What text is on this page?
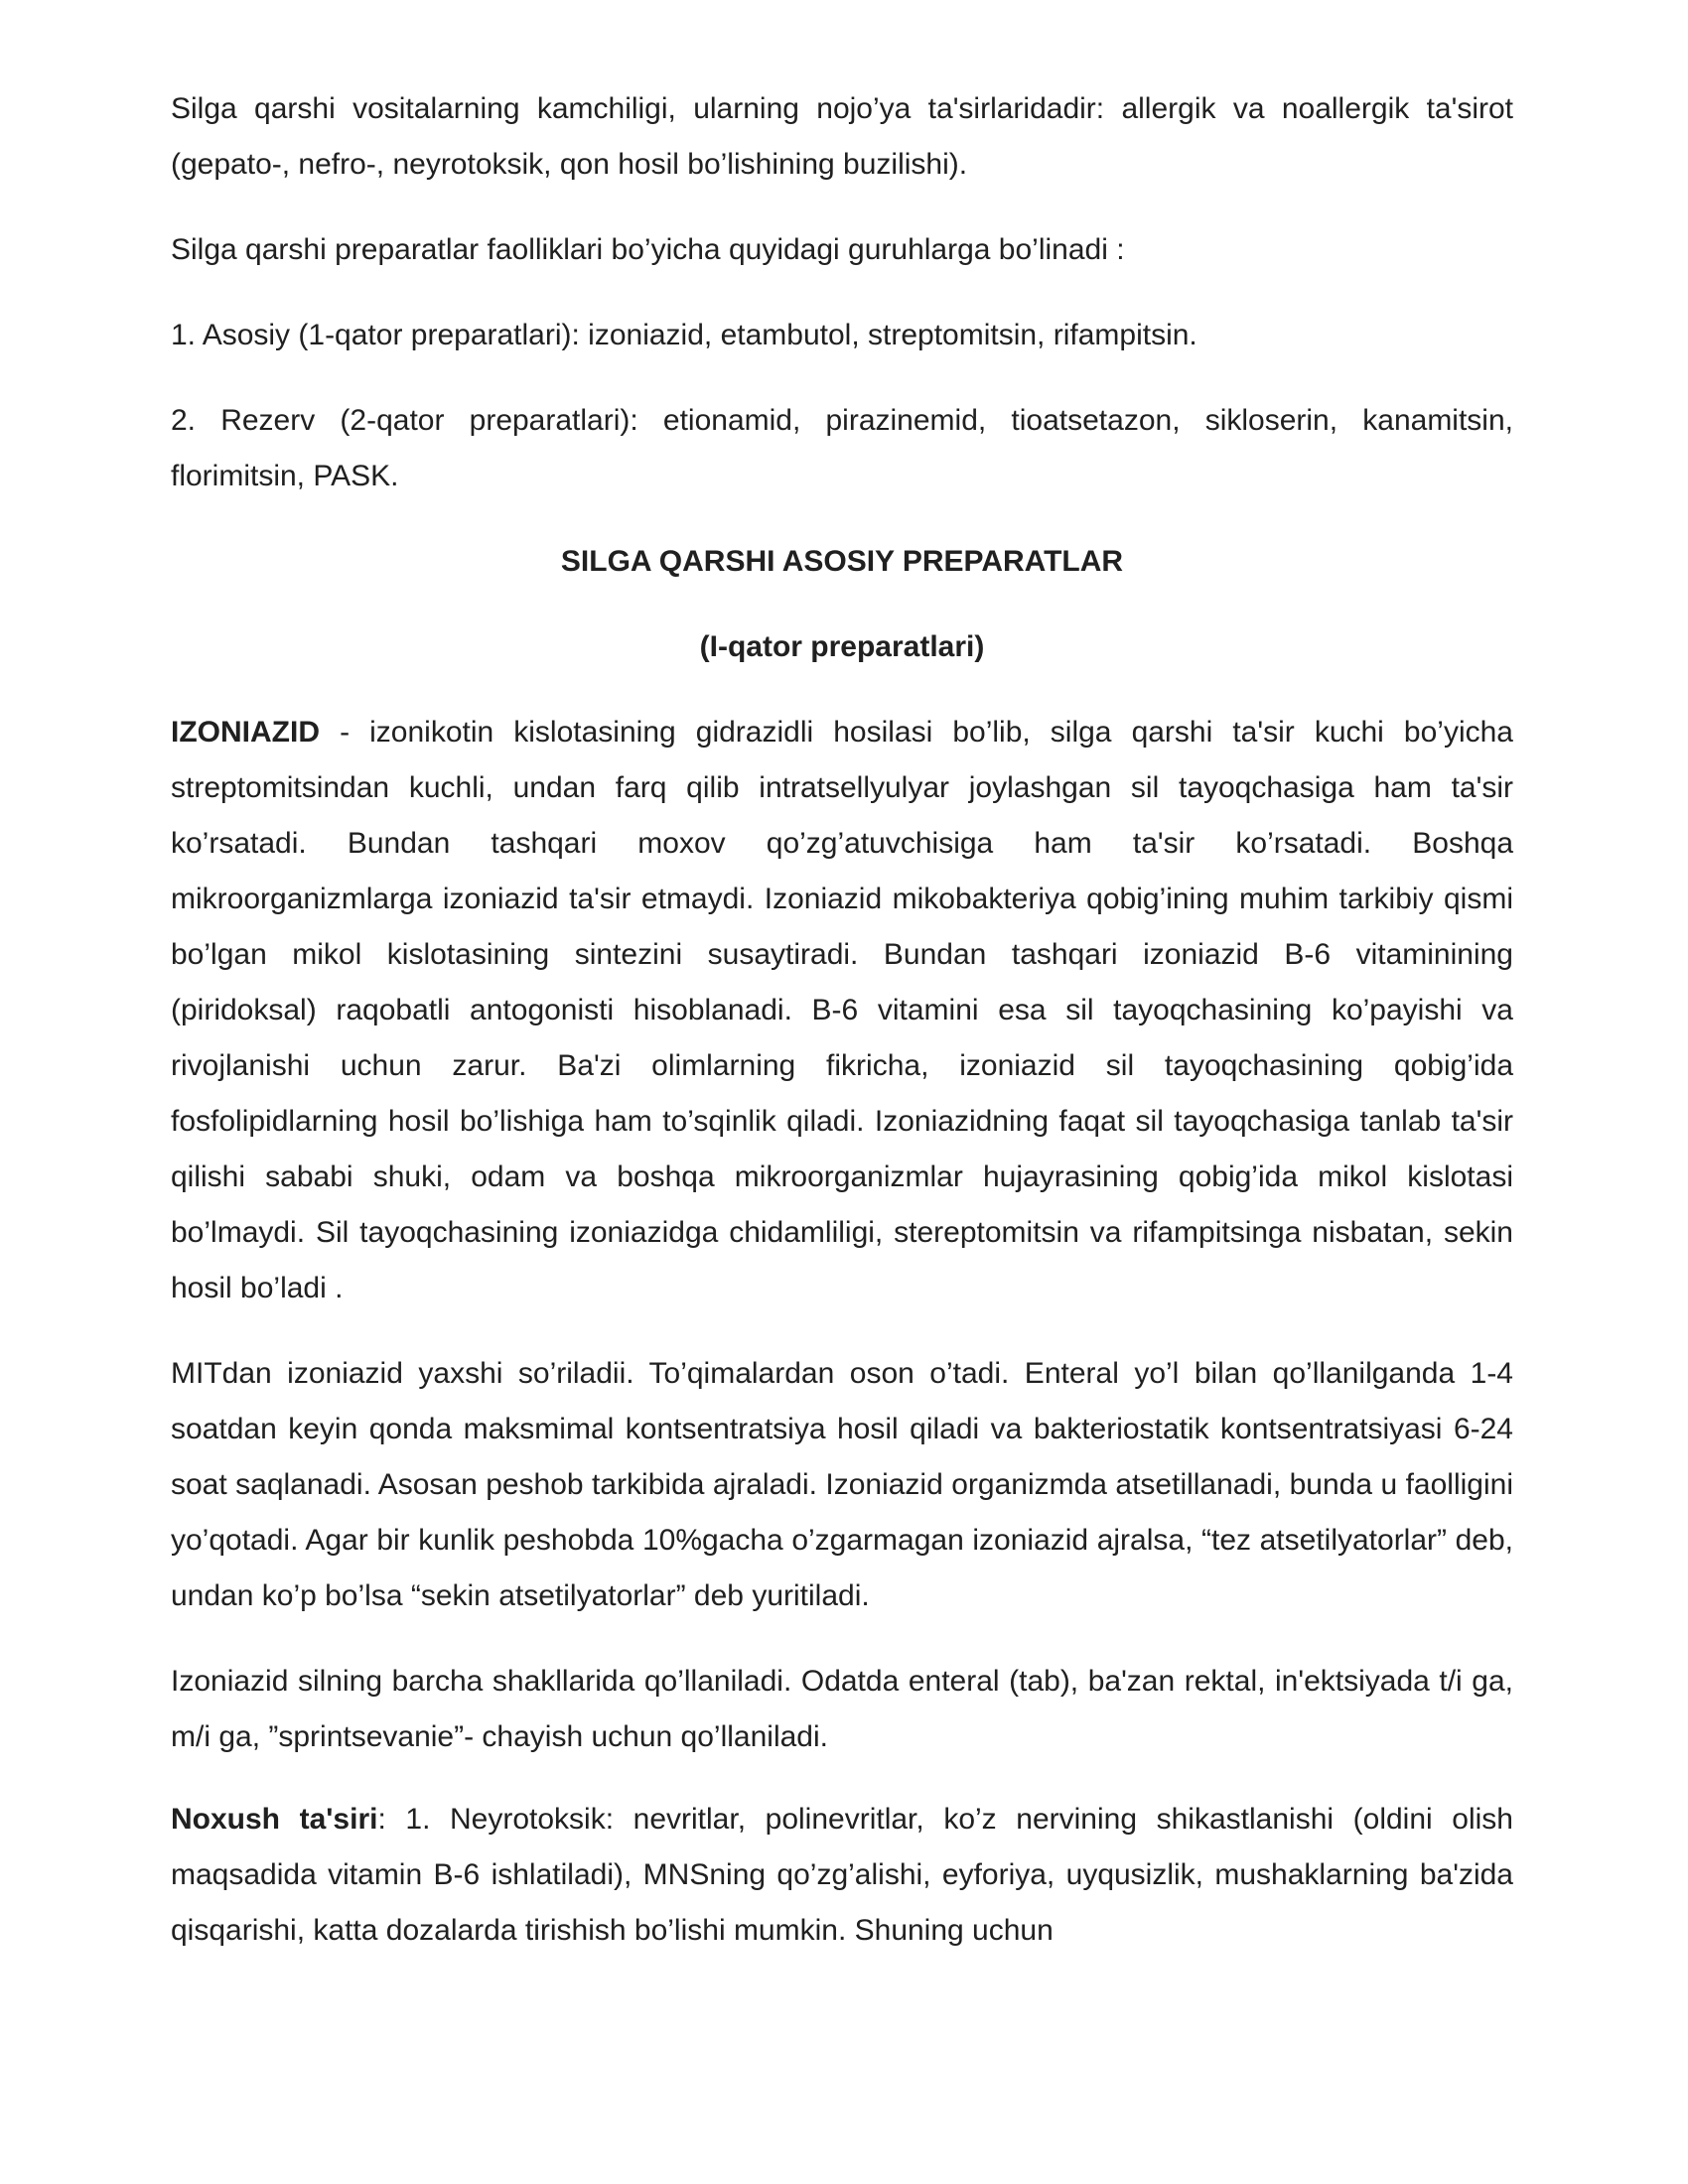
Silga qarshi vositalarning kamchiligi, ularning nojo’ya ta'sirlaridadir: allergik va noallergik ta'sirot (gepato-, nefro-, neyrotoksik, qon hosil bo’lishining buzilishi).

Silga qarshi preparatlar faolliklari bo’yicha quyidagi guruhlarga bo’linadi :

1. Asosiy (1-qator preparatlari): izoniazid, etambutol, streptomitsin, rifampitsin.

2. Rezerv (2-qator preparatlari): etionamid, pirazinemid, tioatsetazon, sikloserin, kanamitsin, florimitsin, PASK.

SILGA QARSHI ASOSIY PREPARATLAR
(I-qator preparatlari)

IZONIAZID - izonikotin kislotasining gidrazidli hosilasi bo’lib, silga qarshi ta'sir kuchi bo’yicha streptomitsindan kuchli, undan farq qilib intratsellyulyar joylashgan sil tayoqchasiga ham ta'sir ko’rsatadi. Bundan tashqari moxov qo’zg’atuvchisiga ham ta'sir ko’rsatadi. Boshqa mikroorganizmlarga izoniazid ta'sir etmaydi. Izoniazid mikobakteriya qobig’ining muhim tarkibiy qismi bo’lgan mikol kislotasining sintezini susaytiradi. Bundan tashqari izoniazid B-6 vitaminining (piridoksal) raqobatli antogonisti hisoblanadi. B-6 vitamini esa sil tayoqchasining ko’payishi va rivojlanishi uchun zarur. Ba'zi olimlarning fikricha, izoniazid sil tayoqchasining qobig’ida fosfolipidlarning hosil bo’lishiga ham to’sqinlik qiladi. Izoniazidning faqat sil tayoqchasiga tanlab ta'sir qilishi sababi shuki, odam va boshqa mikroorganizmlar hujayrasining qobig’ida mikol kislotasi bo’lmaydi. Sil tayoqchasining izoniazidga chidamliligi, stereptomitsin va rifampitsinga nisbatan, sekin hosil bo’ladi .

MITdan izoniazid yaxshi so’riladii. To’qimalardan oson o’tadi. Enteral yo’l bilan qo’llanilganda 1-4 soatdan keyin qonda maksmimal kontsentratsiya hosil qiladi va bakteriostatik kontsentratsiyasi 6-24 soat saqlanadi. Asosan peshob tarkibida ajraladi. Izoniazid organizmda atsetillanadi, bunda u faolligini yo’qotadi. Agar bir kunlik peshobda 10%gacha o’zgarmagan izoniazid ajralsa, “tez atsetilyatorlar” deb, undan ko’p bo’lsa “sekin atsetilyatorlar” deb yuritiladi.

Izoniazid silning barcha shakllarida qo’llaniladi. Odatda enteral (tab), ba'zan rektal, in'ektsiyada t/i ga, m/i ga, ”sprintsevanie”- chayish uchun qo’llaniladi.

Noxush ta'siri: 1. Neyrotoksik: nevritlar, polinevritlar, ko’z nervining shikastlanishi (oldini olish maqsadida vitamin B-6 ishlatiladi), MNSning qo’zg’alishi, eyforiya, uyqusizlik, mushaklarning ba'zida qisqarishi, katta dozalarda tirishish bo’lishi mumkin. Shuning uchun
